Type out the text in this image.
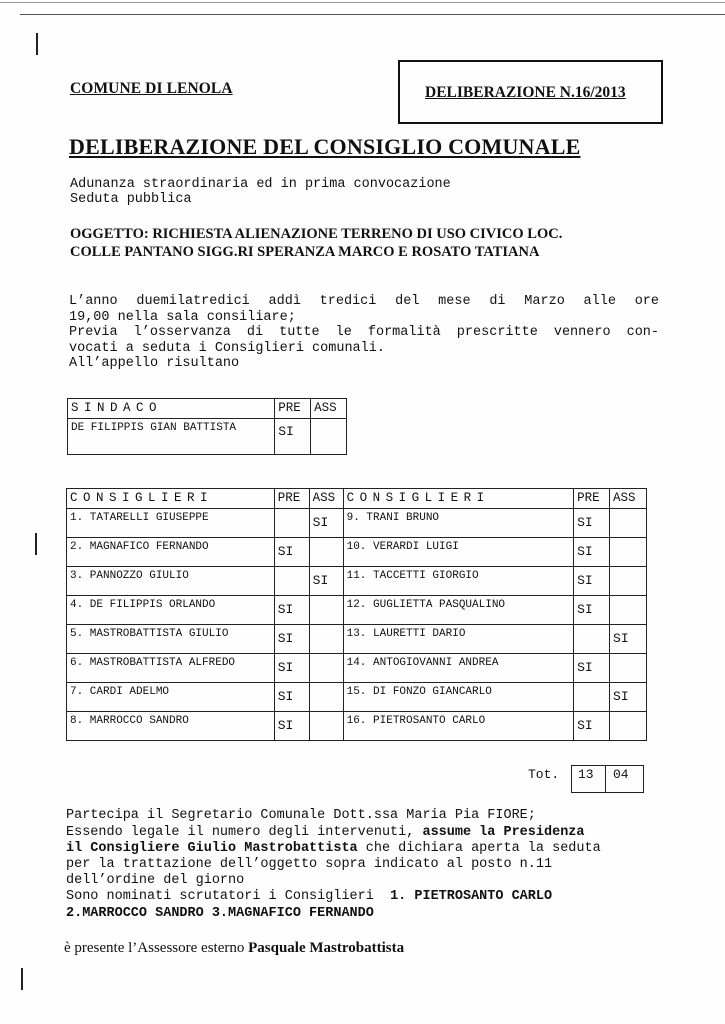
COMUNE DI LENOLA	DELIBERAZIONE N.16/2013
DELIBERAZIONE DEL CONSIGLIO COMUNALE
Adunanza straordinaria ed in prima convocazione
Seduta pubblica
OGGETTO: RICHIESTA ALIENAZIONE TERRENO DI USO CIVICO LOC.
COLLE PANTANO SIGG.RI SPERANZA MARCO E ROSATO TATIANA
L’anno duemilatredici addì tredici del mese di Marzo alle ore
19,00 nella sala consiliare;
Previa l’osservanza di tutte le formalità prescritte vennero con-
vocati a seduta i Consiglieri comunali.
All’appello risultano
SINDACO	PRE	ASS
DE FILIPPIS GIAN BATTISTA	SI	
CONSIGLIERI	PRE	ASS	CONSIGLIERI	PRE	ASS
1. TATARELLI GIUSEPPE		SI	9. TRANI BRUNO	SI	
2. MAGNAFICO FERNANDO	SI		10. VERARDI LUIGI	SI	
3. PANNOZZO GIULIO		SI	11. TACCETTI GIORGIO	SI	
4. DE FILIPPIS ORLANDO	SI		12. GUGLIETTA PASQUALINO	SI	
5. MASTROBATTISTA GIULIO	SI		13. LAURETTI DARIO		SI
6. MASTROBATTISTA ALFREDO	SI		14. ANTOGIOVANNI ANDREA	SI	
7. CARDI ADELMO	SI		15. DI FONZO GIANCARLO		SI
8. MARROCCO SANDRO	SI		16. PIETROSANTO CARLO	SI	
Tot.	13	04
Partecipa il Segretario Comunale Dott.ssa Maria Pia FIORE;
Essendo legale il numero degli intervenuti, assume la Presidenza
il Consigliere Giulio Mastrobattista che dichiara aperta la seduta
per la trattazione dell’oggetto sopra indicato al posto n.11
dell’ordine del giorno
Sono nominati scrutatori i Consiglieri  1. PIETROSANTO CARLO
2.MARROCCO SANDRO 3.MAGNAFICO FERNANDO
è presente l’Assessore esterno Pasquale Mastrobattista
